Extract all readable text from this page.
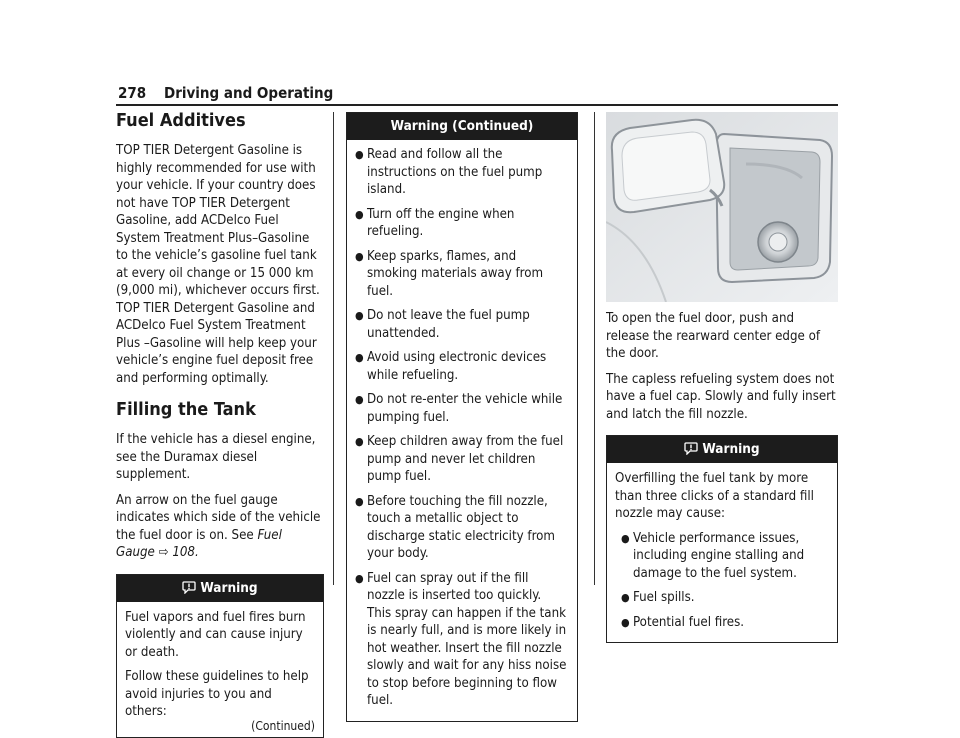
278 Driving and Operating
Fuel Additives

TOP TIER Detergent Gasoline is highly recommended for use with your vehicle. If your country does not have TOP TIER Detergent Gasoline, add ACDelco Fuel System Treatment Plus–Gasoline to the vehicle’s gasoline fuel tank at every oil change or 15 000 km (9,000 mi), whichever occurs first. TOP TIER Detergent Gasoline and ACDelco Fuel System Treatment Plus –Gasoline will help keep your vehicle’s engine fuel deposit free and performing optimally.

Filling the Tank

If the vehicle has a diesel engine, see the Duramax diesel supplement.

An arrow on the fuel gauge indicates which side of the vehicle the fuel door is on. See Fuel Gauge ⇨ 108.

Warning

Fuel vapors and fuel fires burn violently and can cause injury or death.

Follow these guidelines to help avoid injuries to you and others:

(Continued)
Warning (Continued)
● Read and follow all the instructions on the fuel pump island.
● Turn off the engine when refueling.
● Keep sparks, flames, and smoking materials away from fuel.
● Do not leave the fuel pump unattended.
● Avoid using electronic devices while refueling.
● Do not re-enter the vehicle while pumping fuel.
● Keep children away from the fuel pump and never let children pump fuel.
● Before touching the fill nozzle, touch a metallic object to discharge static electricity from your body.
● Fuel can spray out if the fill nozzle is inserted too quickly. This spray can happen if the tank is nearly full, and is more likely in hot weather. Insert the fill nozzle slowly and wait for any hiss noise to stop before beginning to flow fuel.

To open the fuel door, push and release the rearward center edge of the door.

The capless refueling system does not have a fuel cap. Slowly and fully insert and latch the fill nozzle.

Warning

Overfilling the fuel tank by more than three clicks of a standard fill nozzle may cause:

● Vehicle performance issues, including engine stalling and damage to the fuel system.
● Fuel spills.
● Potential fuel fires.
